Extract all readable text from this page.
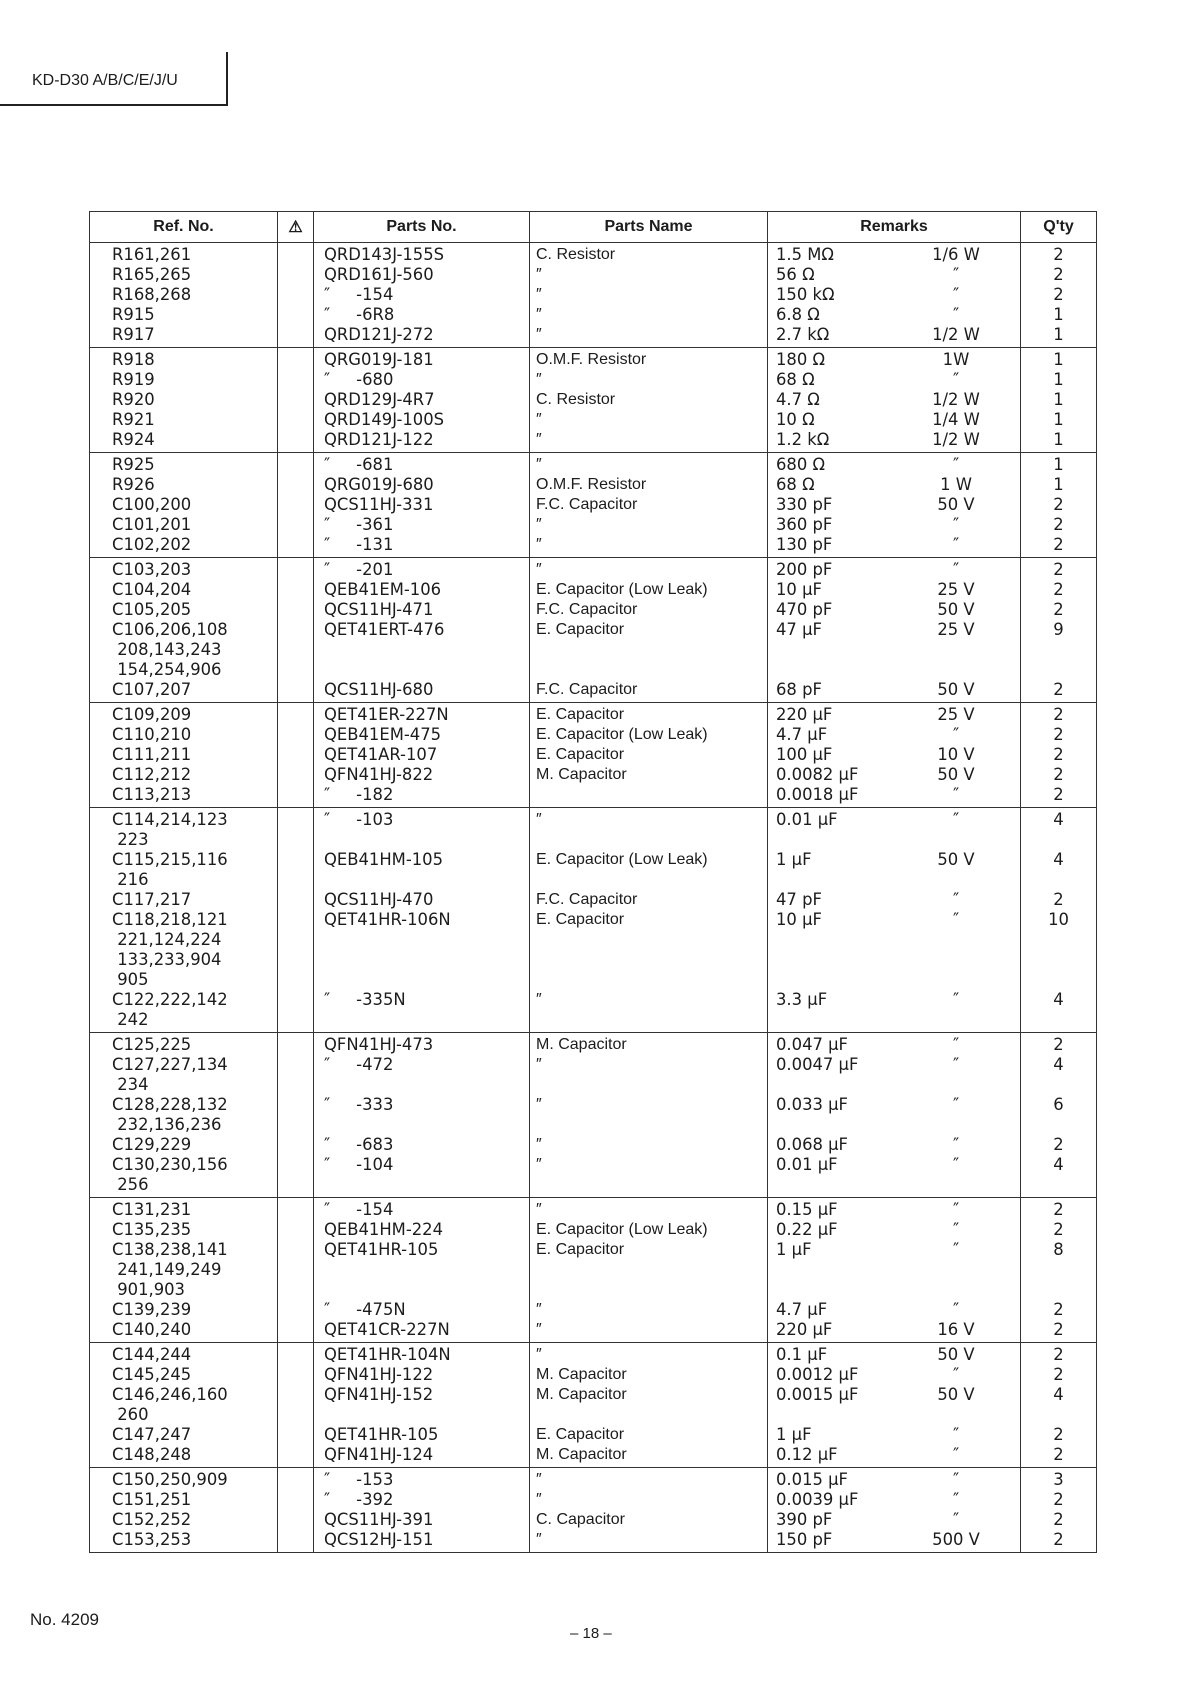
KD-D30 A/B/C/E/J/U
Ref. No.	⚠	Parts No.	Parts Name	Remarks	Q'ty
R161,261		QRD143J-155S	C. Resistor	1.5 MΩ 1/6 W	2
R165,265		QRD161J-560	″	56 Ω ″	2
R168,268		″     -154	″	150 kΩ ″	2
R915		″     -6R8	″	6.8 Ω ″	1
R917		QRD121J-272	″	2.7 kΩ 1/2 W	1
R918		QRG019J-181	O.M.F. Resistor	180 Ω 1W	1
R919		″     -680	″	68 Ω ″	1
R920		QRD129J-4R7	C. Resistor	4.7 Ω 1/2 W	1
R921		QRD149J-100S	″	10 Ω 1/4 W	1
R924		QRD121J-122	″	1.2 kΩ 1/2 W	1
R925		″     -681	″	680 Ω ″	1
R926		QRG019J-680	O.M.F. Resistor	68 Ω 1 W	1
C100,200		QCS11HJ-331	F.C. Capacitor	330 pF 50 V	2
C101,201		″     -361	″	360 pF ″	2
C102,202		″     -131	″	130 pF ″	2
C103,203		″     -201	″	200 pF ″	2
C104,204		QEB41EM-106	E. Capacitor (Low Leak)	10 µF 25 V	2
C105,205		QCS11HJ-471	F.C. Capacitor	470 pF 50 V	2
C106,206,108		QET41ERT-476	E. Capacitor	47 µF 25 V	9
208,143,243					
154,254,906					
C107,207		QCS11HJ-680	F.C. Capacitor	68 pF 50 V	2
C109,209		QET41ER-227N	E. Capacitor	220 µF 25 V	2
C110,210		QEB41EM-475	E. Capacitor (Low Leak)	4.7 µF ″	2
C111,211		QET41AR-107	E. Capacitor	100 µF 10 V	2
C112,212		QFN41HJ-822	M. Capacitor	0.0082 µF 50 V	2
C113,213		″     -182		0.0018 µF ″	2
C114,214,123		″     -103	″	0.01 µF ″	4
223					
C115,215,116		QEB41HM-105	E. Capacitor (Low Leak)	1 µF 50 V	4
216					
C117,217		QCS11HJ-470	F.C. Capacitor	47 pF ″	2
C118,218,121		QET41HR-106N	E. Capacitor	10 µF ″	10
221,124,224					
133,233,904					
905					
C122,222,142		″     -335N	″	3.3 µF ″	4
242					
C125,225		QFN41HJ-473	M. Capacitor	0.047 µF ″	2
C127,227,134		″     -472	″	0.0047 µF ″	4
234					
C128,228,132		″     -333	″	0.033 µF ″	6
232,136,236					
C129,229		″     -683	″	0.068 µF ″	2
C130,230,156		″     -104	″	0.01 µF ″	4
256					
C131,231		″     -154	″	0.15 µF ″	2
C135,235		QEB41HM-224	E. Capacitor (Low Leak)	0.22 µF ″	2
C138,238,141		QET41HR-105	E. Capacitor	1 µF ″	8
241,149,249					
901,903					
C139,239		″     -475N	″	4.7 µF ″	2
C140,240		QET41CR-227N	″	220 µF 16 V	2
C144,244		QET41HR-104N	″	0.1 µF 50 V	2
C145,245		QFN41HJ-122	M. Capacitor	0.0012 µF ″	2
C146,246,160		QFN41HJ-152	M. Capacitor	0.0015 µF 50 V	4
260					
C147,247		QET41HR-105	E. Capacitor	1 µF ″	2
C148,248		QFN41HJ-124	M. Capacitor	0.12 µF ″	2
C150,250,909		″     -153	″	0.015 µF ″	3
C151,251		″     -392	″	0.0039 µF ″	2
C152,252		QCS11HJ-391	C. Capacitor	390 pF ″	2
C153,253		QCS12HJ-151	″	150 pF 500 V	2
No. 4209
– 18 –
